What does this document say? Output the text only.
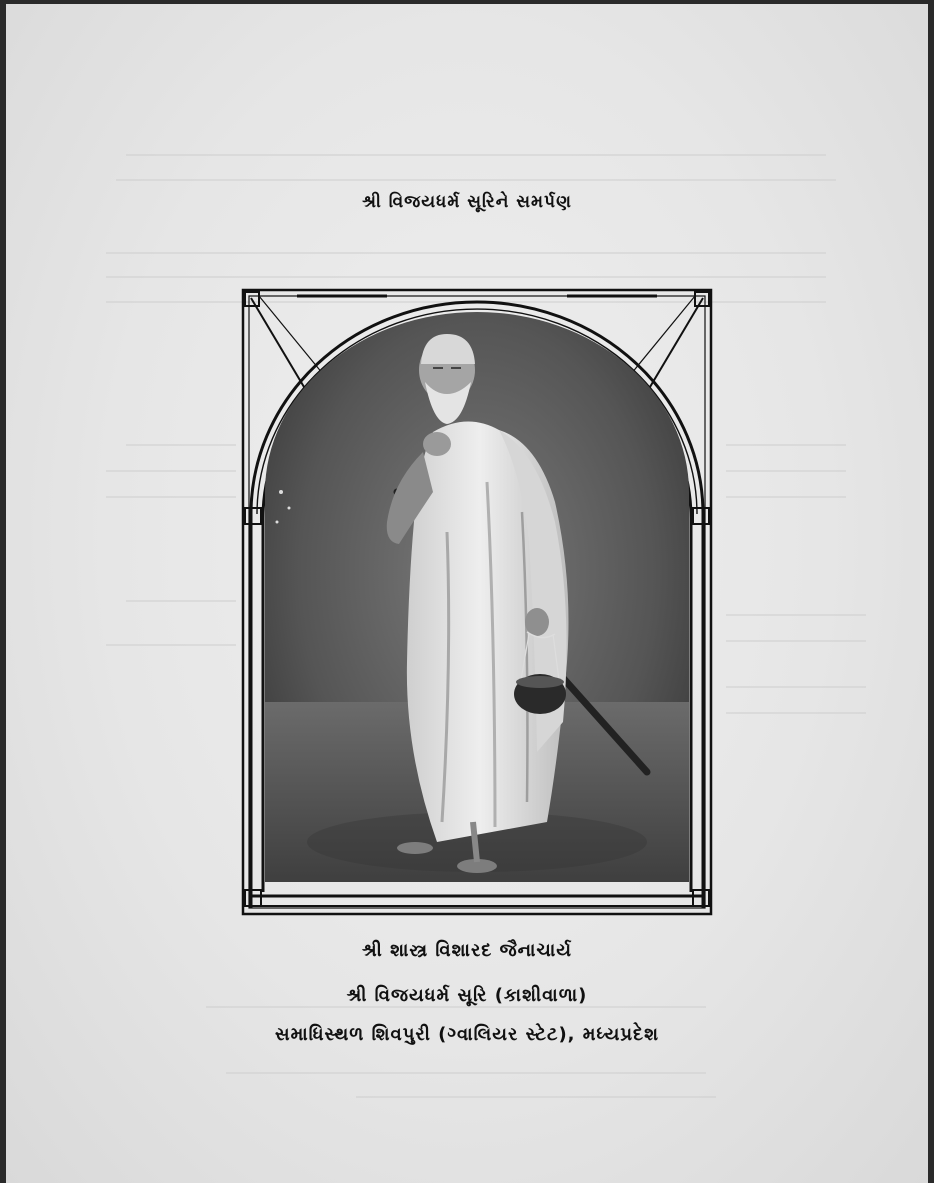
શ્રી વિજયધર્મ સૂરિને સમર્પણ
શ્રી શાસ્ત્ર વિશારદ જૈનાચાર્ય
શ્રી વિજયધર્મ સૂરિ (કાશીવાળા)
સમાધિસ્થળ શિવપુરી (ગ્વાલિયર સ્ટેટ), મધ્યપ્રદેશ
